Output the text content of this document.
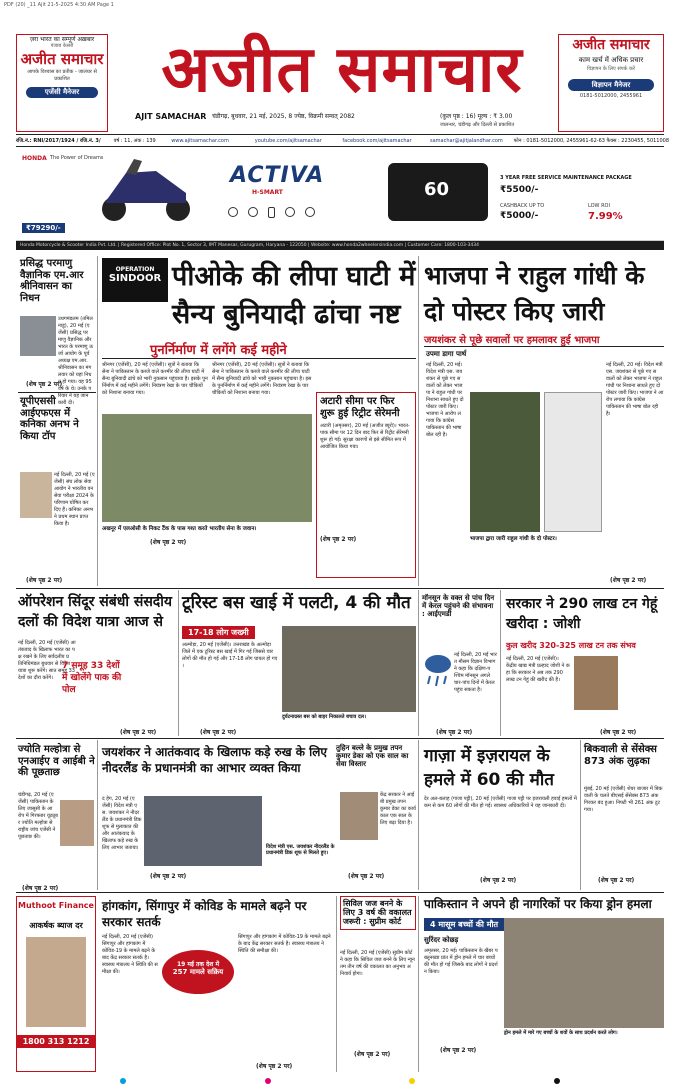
PDF (20) _11 Ajit 21-5-2025 4:30 AM Page 1
ज़रा भारत का सम्पूर्ण अख़बार
पंजाब केसरी
अजीत समाचार
आपके विश्वास का प्रतीक - जालंधर से प्रकाशित
एजेंसी मैनेजर	अजीत समाचार
AJIT SAMACHAR चंडीगढ़, बुधवार, 21 मई, 2025, 8 ज्येष्ठ, विक्रमी सम्वत् 2082	(कुल पृष्ठ : 16) मूल्य : ₹ 3.00
जालन्धर, चंडीगढ़ और दिल्ली से प्रकाशित
अजीत समाचार
काम खर्च में अधिक प्रचार
विज्ञापन के लिए संपर्क करें
विज्ञापन मैनेजर
0181-5012000, 2455961
रजि.नं.: RNI/2017/1924 / रजि.नं. 3/	वर्ष : 11, अंक : 139	www.ajitsamachar.com	youtube.com/ajitsamachar	facebook.com/ajitsamachar	samachar@ajitjalandhar.com फोन : 0181-5012000, 2455961-62-63 फैक्स : 2230455, 5011008
HONDA The Power of Dreams
ACTIVA
H-SMART	60
3 YEAR FREE SERVICE MAINTENANCE PACKAGE
₹5500/-
CASHBACK UP TO
₹5000/-
LOW ROI
7.99%
₹79290/-
Honda Motorcycle & Scooter India Pvt. Ltd. | Registered Office: Plot No. 1, Sector 3, IMT Manesar, Gurugram, Haryana - 122050 | Website: www.honda2wheelersindia.com | Customer Care: 1800-103-3434
प्रसिद्ध परमाणु वैज्ञानिक एम.आर श्रीनिवासन का निधन
उधगमंडलम (तमिलनाडु), 20 मई (एजेंसी) प्रसिद्ध परमाणु वैज्ञानिक और भारत के परमाणु ऊर्जा आयोग के पूर्व अध्यक्ष एम.आर. श्रीनिवासन का मंगलवार को यहां निधन हो गया। वह 95 वर्ष के थे। उनके परिवार ने यह जानकारी दी।
(शेष पृष्ठ 2 पर)
यूपीएससी आईएफएस में कनिका अनभ ने किया टॉप
नई दिल्ली, 20 मई (एजेंसी) संघ लोक सेवा आयोग ने भारतीय वन सेवा परीक्षा 2024 के परिणाम घोषित कर दिए हैं। कनिका अनभ ने प्रथम स्थान प्राप्त किया है।
(शेष पृष्ठ 2 पर)
OPERATION
SINDOOR पीओके की लीपा घाटी में सैन्य बुनियादी ढांचा नष्ट
पुनर्निर्माण में लगेंगे कई महीने
श्रीनगर (एजेंसी), 20 मई (एजेंसी)। सूत्रों ने बताया कि सेना ने पाकिस्तान के कब्जे वाले कश्मीर की लीपा घाटी में सैन्य बुनियादी ढांचे को भारी नुकसान पहुंचाया है। इसके पुनर्निर्माण में कई महीने लगेंगे। नियंत्रण रेखा के पार चौकियों को निशाना बनाया गया।
अखनूर में एलओसी के निकट टैंक के पास गश्त करते भारतीय सेना के जवान।
श्रीनगर (एजेंसी), 20 मई (एजेंसी)। सूत्रों ने बताया कि सेना ने पाकिस्तान के कब्जे वाले कश्मीर की लीपा घाटी में सैन्य बुनियादी ढांचे को भारी नुकसान पहुंचाया है। इसके पुनर्निर्माण में कई महीने लगेंगे। नियंत्रण रेखा के पार चौकियों को निशाना बनाया गया।
(शेष पृष्ठ 2 पर)
अटारी सीमा पर फिर शुरू हुई रिट्रीट सेरेमनी
अटारी (अमृतसर), 20 मई (अजीत ब्यूरो)। भारत-पाक सीमा पर 12 दिन बाद फिर से रिट्रीट सेरेमनी शुरू हो गई। सुरक्षा कारणों से इसे सीमित रूप में आयोजित किया गया।
(शेष पृष्ठ 2 पर)
भाजपा ने राहुल गांधी के दो पोस्टर किए जारी
जयशंकर से पूछे सवालों पर हमलावर हुई भाजपा
उपमा डागा पार्थ
नई दिल्ली, 20 मई। विदेश मंत्री एस. जयशंकर से पूछे गए सवालों को लेकर भाजपा ने राहुल गांधी पर निशाना साधते हुए दो पोस्टर जारी किए। भाजपा ने आरोप लगाया कि कांग्रेस पाकिस्तान की भाषा बोल रही है।
नई दिल्ली, 20 मई। विदेश मंत्री एस. जयशंकर से पूछे गए सवालों को लेकर भाजपा ने राहुल गांधी पर निशाना साधते हुए दो पोस्टर जारी किए। भाजपा ने आरोप लगाया कि कांग्रेस पाकिस्तान की भाषा बोल रही है।
भाजपा द्वारा जारी राहुल गांधी के दो पोस्टर।
(शेष पृष्ठ 2 पर)
ऑपरेशन सिंदूर संबंधी संसदीय दलों की विदेश यात्रा आज से
नई दिल्ली, 20 मई (एजेंसी) आतंकवाद के खिलाफ भारत का पक्ष रखने के लिए सर्वदलीय प्रतिनिधिमंडल बुधवार से विदेश यात्रा शुरू करेंगे। सात समूह 33 देशों का दौरा करेंगे।
7 समूह 33 देशों में खोलेंगे पाक की पोल
(शेष पृष्ठ 2 पर)
टूरिस्ट बस खाई में पलटी, 4 की मौत
17-18 लोग जख्मी
अल्मोड़ा, 20 मई (एजेंसी)। उत्तराखंड के अल्मोड़ा जिले में एक टूरिस्ट बस खाई में गिर गई जिससे चार लोगों की मौत हो गई और 17-18 लोग घायल हो गए।
दुर्घटनाग्रस्त बस को बाहर निकालते बचाव दल।
(शेष पृष्ठ 2 पर)
मॉनसून के वक्त से पांच दिन में केरल पहुंचने की संभावना : आईएमडी
नई दिल्ली, 20 मई भारत मौसम विज्ञान विभाग ने कहा कि दक्षिण-पश्चिम मॉनसून अगले चार-पांच दिनों में केरल पहुंच सकता है।
(शेष पृष्ठ 2 पर)
सरकार ने 290 लाख टन गेहूं खरीदा : जोशी
कुल खरीद 320-325 लाख टन तक संभव
नई दिल्ली, 20 मई (एजेंसी)। केंद्रीय खाद्य मंत्री प्रल्हाद जोशी ने कहा कि सरकार ने अब तक 290 लाख टन गेहूं की खरीद की है।
(शेष पृष्ठ 2 पर)
ज्योति मल्होत्रा से एनआईए व आईबी ने की पूछताछ
चंडीगढ़, 20 मई (एजेंसी) पाकिस्तान के लिए जासूसी के आरोप में गिरफ्तार यूट्यूबर ज्योति मल्होत्रा से राष्ट्रीय जांच एजेंसी ने पूछताछ की।
(शेष पृष्ठ 2 पर)
जयशंकर ने आतंकवाद के खिलाफ कड़े रुख के लिए नीदरलैंड के प्रधानमंत्री का आभार व्यक्त किया
द हेग, 20 मई (एजेंसी) विदेश मंत्री एस. जयशंकर ने नीदरलैंड के प्रधानमंत्री डिक शूफ से मुलाकात की और आतंकवाद के खिलाफ कड़े रुख के लिए आभार जताया।	विदेश मंत्री एस. जयशंकर नीदरलैंड के प्रधानमंत्री डिक शूफ से मिलते हुए।
(शेष पृष्ठ 2 पर)
तुहिन बल्ले के प्रमुख तपन कुमार डेका को एक साल का सेवा विस्तार
केंद्र सरकार ने आईबी प्रमुख तपन कुमार डेका का कार्यकाल एक साल के लिए बढ़ा दिया है।
(शेष पृष्ठ 2 पर)
गाज़ा में इज़रायल के हमले में 60 की मौत
देर अल-बलाह (गाजा पट्टी), 20 मई (एजेंसी) गाजा पट्टी पर इजरायली हवाई हमलों में कम से कम 60 लोगों की मौत हो गई। स्वास्थ्य अधिकारियों ने यह जानकारी दी।
(शेष पृष्ठ 2 पर)
बिकवाली से सेंसेक्स 873 अंक लुढ़का
मुंबई, 20 मई (एजेंसी) शेयर बाजार में बिकवाली के चलते बीएसई सेंसेक्स 873 अंक गिरकर बंद हुआ। निफ्टी भी 261 अंक टूट गया।
(शेष पृष्ठ 2 पर)
Muthoot Finance
आकर्षक ब्याज दर
1800 313 1212
हांगकांग, सिंगापुर में कोविड के मामले बढ़ने पर सरकार सतर्क
नई दिल्ली, 20 मई (एजेंसी) सिंगापुर और हांगकांग में कोविड-19 के मामले बढ़ने के बाद केंद्र सरकार सतर्क है। स्वास्थ्य मंत्रालय ने स्थिति की समीक्षा की।
19 मई तक देश में
257 मामले सक्रिय
सिंगापुर और हांगकांग में कोविड-19 के मामले बढ़ने के बाद केंद्र सरकार सतर्क है। स्वास्थ्य मंत्रालय ने स्थिति की समीक्षा की।
(शेष पृष्ठ 2 पर)
सिविल जज बनने के लिए 3 वर्ष की वकालत जरूरी : सुप्रीम कोर्ट
नई दिल्ली, 20 मई (एजेंसी) सुप्रीम कोर्ट ने कहा कि सिविल जज बनने के लिए न्यूनतम तीन वर्ष की वकालत का अनुभव अनिवार्य होगा।
(शेष पृष्ठ 2 पर)
पाकिस्तान ने अपने ही नागरिकों पर किया ड्रोन हमला
4 मासूम बच्चों की मौत
सुरिंदर कोछड़
अमृतसर, 20 मई। पाकिस्तान के खैबर पख्तूनख्वा प्रांत में ड्रोन हमले में चार बच्चों की मौत हो गई जिसके बाद लोगों ने प्रदर्शन किया।
ड्रोन हमले में मारे गए बच्चों के शवों के साथ प्रदर्शन करते लोग।
(शेष पृष्ठ 2 पर)
